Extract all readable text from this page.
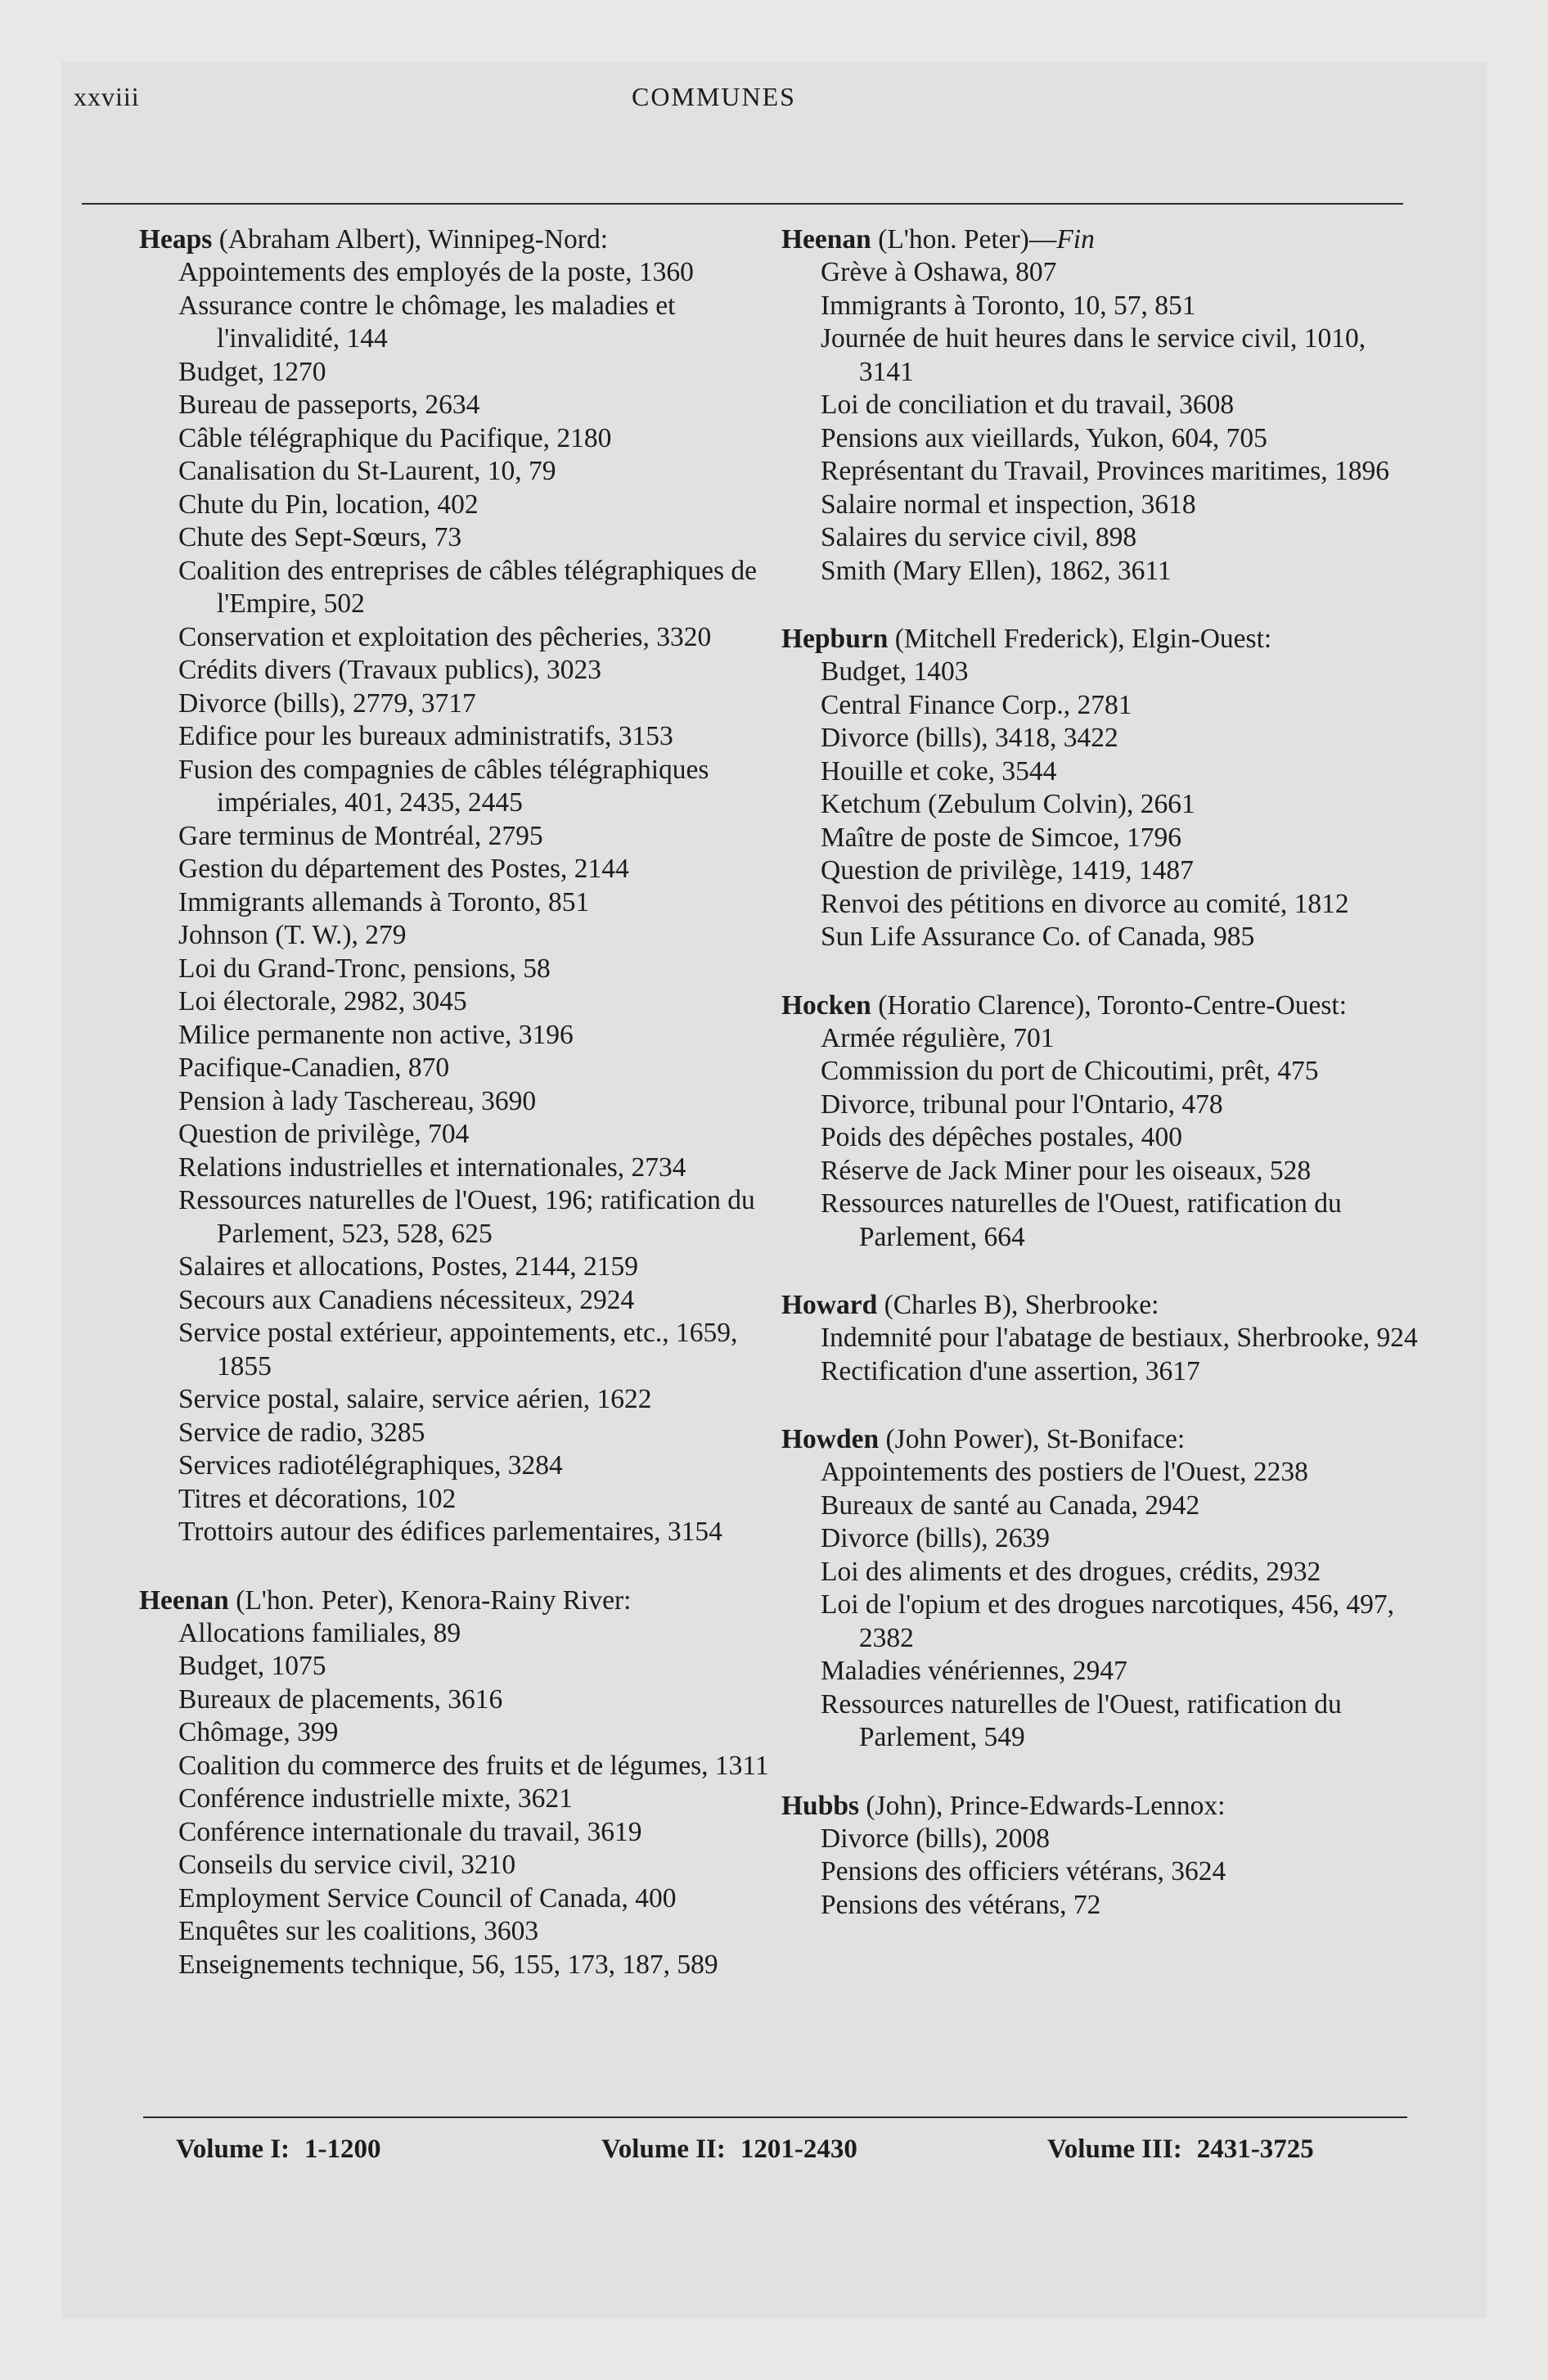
COMMUNES
xxviii
Heaps (Abraham Albert), Winnipeg-Nord:
Appointements des employés de la poste, 1360
Assurance contre le chômage, les maladies et l'invalidité, 144
Budget, 1270
Bureau de passeports, 2634
Câble télégraphique du Pacifique, 2180
Canalisation du St-Laurent, 10, 79
Chute du Pin, location, 402
Chute des Sept-Sœurs, 73
Coalition des entreprises de câbles télégraphiques de l'Empire, 502
Conservation et exploitation des pêcheries, 3320
Crédits divers (Travaux publics), 3023
Divorce (bills), 2779, 3717
Edifice pour les bureaux administratifs, 3153
Fusion des compagnies de câbles télégraphiques impériales, 401, 2435, 2445
Gare terminus de Montréal, 2795
Gestion du département des Postes, 2144
Immigrants allemands à Toronto, 851
Johnson (T. W.), 279
Loi du Grand-Tronc, pensions, 58
Loi électorale, 2982, 3045
Milice permanente non active, 3196
Pacifique-Canadien, 870
Pension à lady Taschereau, 3690
Question de privilège, 704
Relations industrielles et internationales, 2734
Ressources naturelles de l'Ouest, 196; ratification du Parlement, 523, 528, 625
Salaires et allocations, Postes, 2144, 2159
Secours aux Canadiens nécessiteux, 2924
Service postal extérieur, appointements, etc., 1659, 1855
Service postal, salaire, service aérien, 1622
Service de radio, 3285
Services radiotélégraphiques, 3284
Titres et décorations, 102
Trottoirs autour des édifices parlementaires, 3154
Heenan (L'hon. Peter), Kenora-Rainy River:
Allocations familiales, 89
Budget, 1075
Bureaux de placements, 3616
Chômage, 399
Coalition du commerce des fruits et de légumes, 1311
Conférence industrielle mixte, 3621
Conférence internationale du travail, 3619
Conseils du service civil, 3210
Employment Service Council of Canada, 400
Enquêtes sur les coalitions, 3603
Enseignements technique, 56, 155, 173, 187, 589
Heenan (L'hon. Peter)—Fin
Grève à Oshawa, 807
Immigrants à Toronto, 10, 57, 851
Journée de huit heures dans le service civil, 1010, 3141
Loi de conciliation et du travail, 3608
Pensions aux vieillards, Yukon, 604, 705
Représentant du Travail, Provinces maritimes, 1896
Salaire normal et inspection, 3618
Salaires du service civil, 898
Smith (Mary Ellen), 1862, 3611
Hepburn (Mitchell Frederick), Elgin-Ouest:
Budget, 1403
Central Finance Corp., 2781
Divorce (bills), 3418, 3422
Houille et coke, 3544
Ketchum (Zebulum Colvin), 2661
Maître de poste de Simcoe, 1796
Question de privilège, 1419, 1487
Renvoi des pétitions en divorce au comité, 1812
Sun Life Assurance Co. of Canada, 985
Hocken (Horatio Clarence), Toronto-Centre-Ouest:
Armée régulière, 701
Commission du port de Chicoutimi, prêt, 475
Divorce, tribunal pour l'Ontario, 478
Poids des dépêches postales, 400
Réserve de Jack Miner pour les oiseaux, 528
Ressources naturelles de l'Ouest, ratification du Parlement, 664
Howard (Charles B), Sherbrooke:
Indemnité pour l'abatage de bestiaux, Sherbrooke, 924
Rectification d'une assertion, 3617
Howden (John Power), St-Boniface:
Appointements des postiers de l'Ouest, 2238
Bureaux de santé au Canada, 2942
Divorce (bills), 2639
Loi des aliments et des drogues, crédits, 2932
Loi de l'opium et des drogues narcotiques, 456, 497, 2382
Maladies vénériennes, 2947
Ressources naturelles de l'Ouest, ratification du Parlement, 549
Hubbs (John), Prince-Edwards-Lennox:
Divorce (bills), 2008
Pensions des officiers vétérans, 3624
Pensions des vétérans, 72
Volume I: 1-1200	Volume II: 1201-2430	Volume III: 2431-3725
